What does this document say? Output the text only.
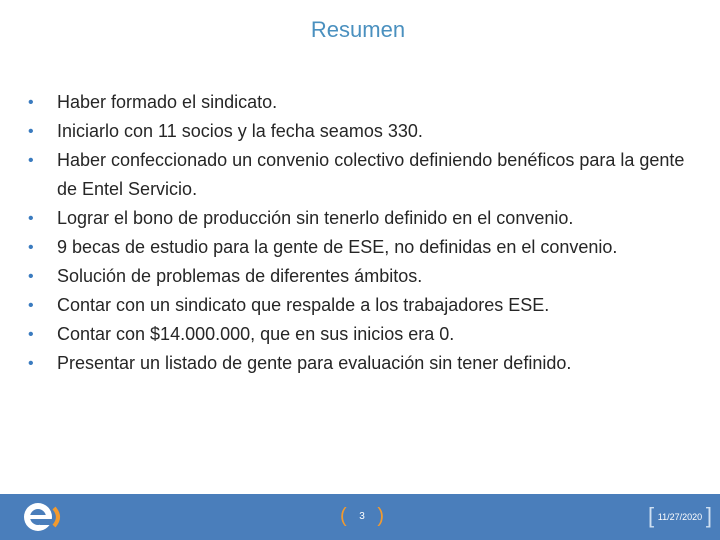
Resumen
• Haber formado el sindicato.
• Iniciarlo con 11 socios y la fecha seamos 330.
• Haber confeccionado un convenio colectivo definiendo benéficos para la gente de Entel Servicio.
• Lograr el bono de producción sin tenerlo definido en el convenio.
• 9 becas de estudio para la gente de ESE, no definidas en el convenio.
• Solución de problemas de diferentes ámbitos.
• Contar con un sindicato que respalde a los trabajadores ESE.
• Contar con $14.000.000, que en sus inicios era 0.
• Presentar un listado de gente para evaluación sin tener definido.
( 3 )	[ 11/27/2020 ]
